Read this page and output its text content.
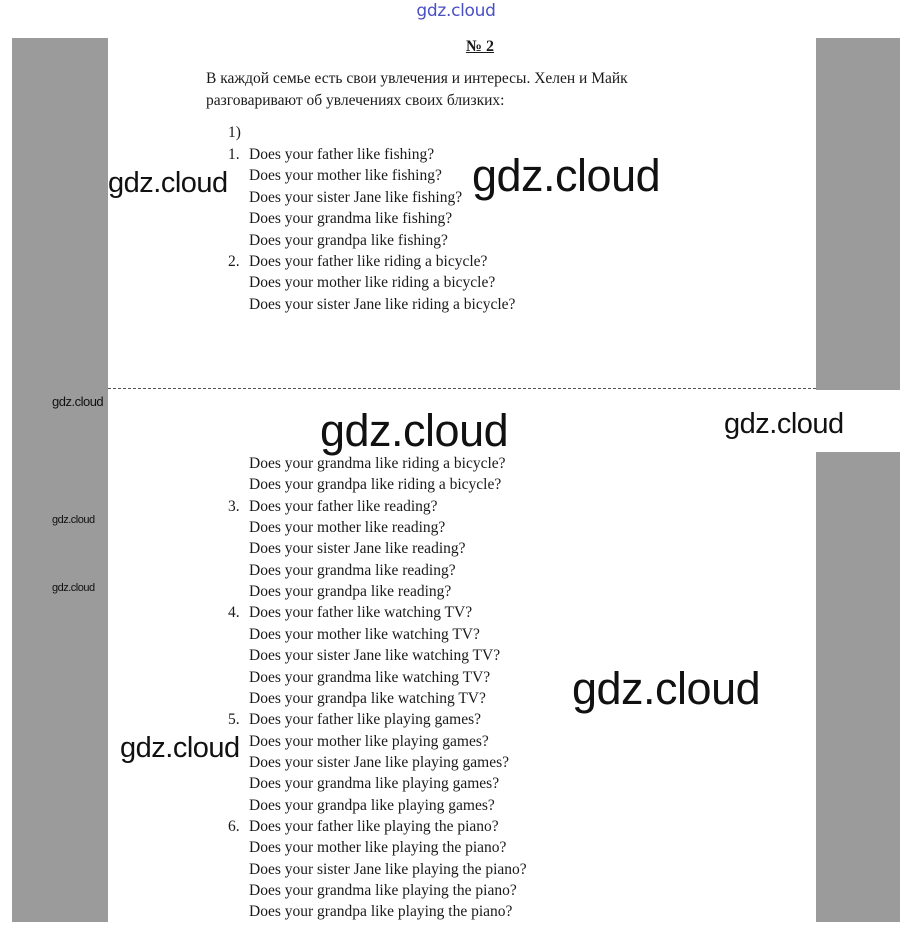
gdz.cloud
№ 2
В каждой семье есть свои увлечения и интересы. Хелен и Майк
разговаривают об увлечениях своих близких:
1)
1. Does your father like fishing?
Does your mother like fishing?
Does your sister Jane like fishing?
Does your grandma like fishing?
Does your grandpa like fishing?
2. Does your father like riding a bicycle?
Does your mother like riding a bicycle?
Does your sister Jane like riding a bicycle?
Does your grandma like riding a bicycle?
Does your grandpa like riding a bicycle?
3. Does your father like reading?
Does your mother like reading?
Does your sister Jane like reading?
Does your grandma like reading?
Does your grandpa like reading?
4. Does your father like watching TV?
Does your mother like watching TV?
Does your sister Jane like watching TV?
Does your grandma like watching TV?
Does your grandpa like watching TV?
5. Does your father like playing games?
Does your mother like playing games?
Does your sister Jane like playing games?
Does your grandma like playing games?
Does your grandpa like playing games?
6. Does your father like playing the piano?
Does your mother like playing the piano?
Does your sister Jane like playing the piano?
Does your grandma like playing the piano?
Does your grandpa like playing the piano?
gdz.cloud	gdz.cloud
gdz.cloud
gdz.cloud	gdz.cloud
gdz.cloud
gdz.cloud
gdz.cloud
gdz.cloud
